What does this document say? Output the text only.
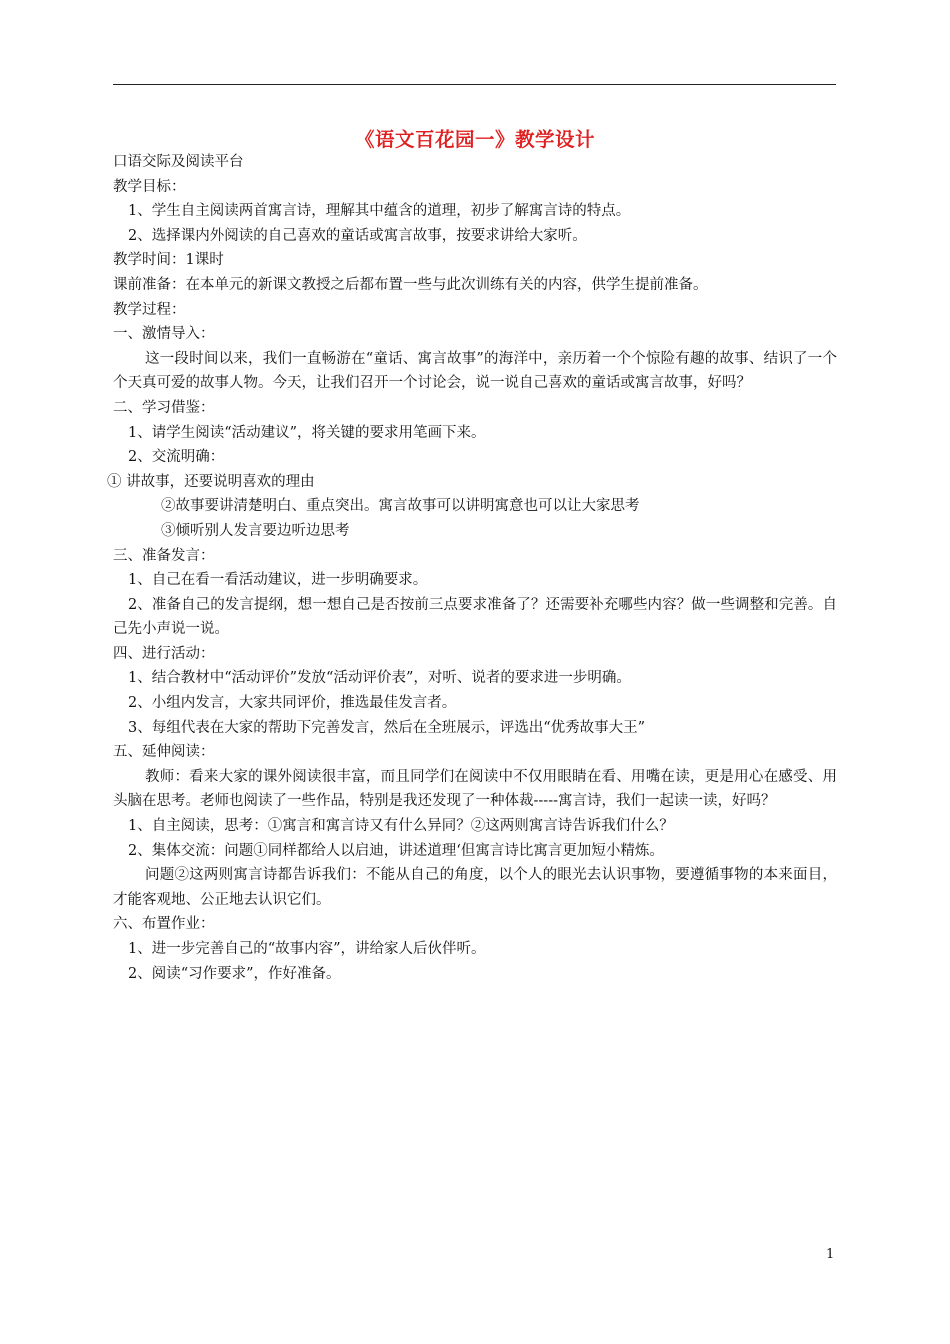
《语文百花园一》教学设计
口语交际及阅读平台
教学目标：
1、学生自主阅读两首寓言诗，理解其中蕴含的道理，初步了解寓言诗的特点。
2、选择课内外阅读的自己喜欢的童话或寓言故事，按要求讲给大家听。
教学时间：1课时
课前准备：在本单元的新课文教授之后都布置一些与此次训练有关的内容，供学生提前准备。
教学过程：
一、激情导入：
这一段时间以来，我们一直畅游在“童话、寓言故事”的海洋中，亲历着一个个惊险有趣的故事、结识了一个个天真可爱的故事人物。今天，让我们召开一个讨论会，说一说自己喜欢的童话或寓言故事，好吗？
二、学习借鉴：
1、请学生阅读“活动建议”，将关键的要求用笔画下来。
2、交流明确：
① 讲故事，还要说明喜欢的理由
②故事要讲清楚明白、重点突出。寓言故事可以讲明寓意也可以让大家思考
③倾听别人发言要边听边思考
三、准备发言：
1、自己在看一看活动建议，进一步明确要求。
2、准备自己的发言提纲，想一想自己是否按前三点要求准备了？还需要补充哪些内容？做一些调整和完善。自己先小声说一说。
四、进行活动：
1、结合教材中“活动评价”发放“活动评价表”，对听、说者的要求进一步明确。
2、小组内发言，大家共同评价，推选最佳发言者。
3、每组代表在大家的帮助下完善发言，然后在全班展示，评选出“优秀故事大王”
五、延伸阅读：
教师：看来大家的课外阅读很丰富，而且同学们在阅读中不仅用眼睛在看、用嘴在读，更是用心在感受、用头脑在思考。老师也阅读了一些作品，特别是我还发现了一种体裁-----寓言诗，我们一起读一读，好吗？
1、自主阅读，思考：①寓言和寓言诗又有什么异同？②这两则寓言诗告诉我们什么？
2、集体交流：问题①同样都给人以启迪，讲述道理‘但寓言诗比寓言更加短小精炼。
问题②这两则寓言诗都告诉我们：不能从自己的角度，以个人的眼光去认识事物，要遵循事物的本来面目，才能客观地、公正地去认识它们。
六、布置作业：
1、进一步完善自己的“故事内容”，讲给家人后伙伴听。
2、阅读“习作要求”，作好准备。
1
